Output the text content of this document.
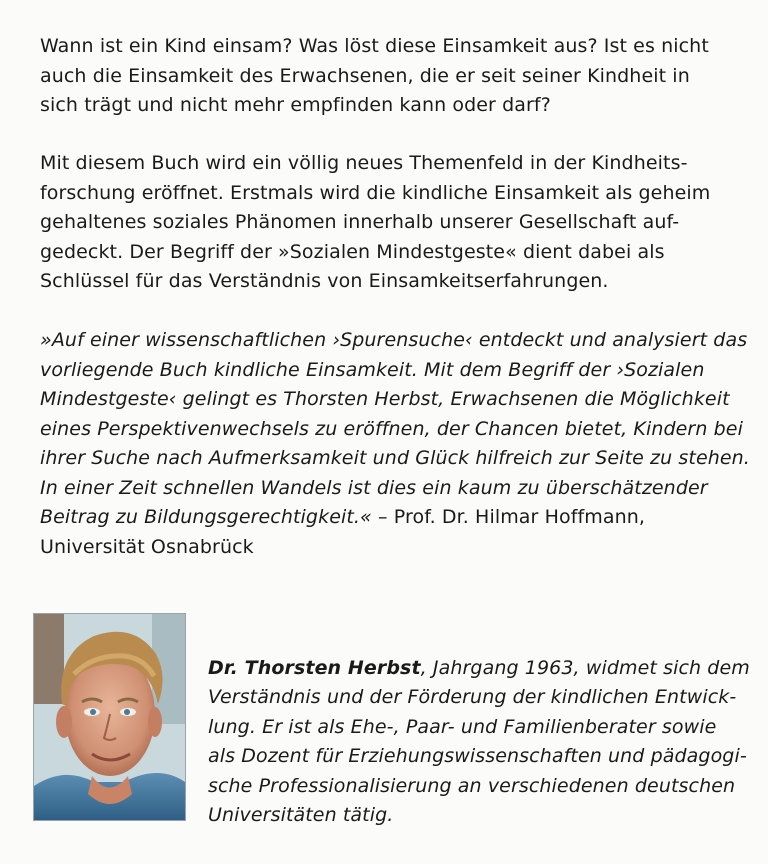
Wann ist ein Kind einsam? Was löst diese Einsamkeit aus? Ist es nicht
auch die Einsamkeit des Erwachsenen, die er seit seiner Kindheit in
sich trägt und nicht mehr empfinden kann oder darf?
Mit diesem Buch wird ein völlig neues Themenfeld in der Kindheits-
forschung eröffnet. Erstmals wird die kindliche Einsamkeit als geheim
gehaltenes soziales Phänomen innerhalb unserer Gesellschaft auf-
gedeckt. Der Begriff der »Sozialen Mindestgeste« dient dabei als
Schlüssel für das Verständnis von Einsamkeitserfahrungen.
»Auf einer wissenschaftlichen ›Spurensuche‹ entdeckt und analysiert das
vorliegende Buch kindliche Einsamkeit. Mit dem Begriff der ›Sozialen
Mindestgeste‹ gelingt es Thorsten Herbst, Erwachsenen die Möglichkeit
eines Perspektivenwechsels zu eröffnen, der Chancen bietet, Kindern bei
ihrer Suche nach Aufmerksamkeit und Glück hilfreich zur Seite zu stehen.
In einer Zeit schnellen Wandels ist dies ein kaum zu überschätzender
Beitrag zu Bildungsgerechtigkeit.« – Prof. Dr. Hilmar Hoffmann,
Universität Osnabrück
Dr. Thorsten Herbst, Jahrgang 1963, widmet sich dem
Verständnis und der Förderung der kindlichen Entwick-
lung. Er ist als Ehe-, Paar- und Familienberater sowie
als Dozent für Erziehungswissenschaften und pädagogi-
sche Professionalisierung an verschiedenen deutschen
Universitäten tätig.
